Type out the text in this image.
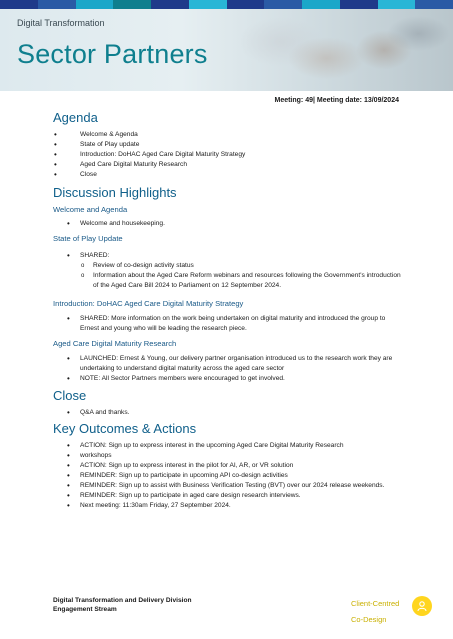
Digital Transformation
Sector Partners
Meeting: 49| Meeting date: 13/09/2024
Agenda
• Welcome & Agenda
• State of Play update
• Introduction: DoHAC Aged Care Digital Maturity Strategy
• Aged Care Digital Maturity Research
• Close
Discussion Highlights
Welcome and Agenda
• Welcome and housekeeping.
State of Play Update
• SHARED:
o Review of co-design activity status
o Information about the Aged Care Reform webinars and resources following the Government's introduction of the Aged Care Bill 2024 to Parliament on 12 September 2024.
Introduction: DoHAC Aged Care Digital Maturity Strategy
• SHARED: More information on the work being undertaken on digital maturity and introduced the group to Ernest and young who will be leading the research piece.
Aged Care Digital Maturity Research
• LAUNCHED: Ernest & Young, our delivery partner organisation introduced us to the research work they are undertaking to understand digital maturity across the aged care sector
• NOTE: All Sector Partners members were encouraged to get involved.
Close
• Q&A and thanks.
Key Outcomes & Actions
• ACTION: Sign up to express interest in the upcoming Aged Care Digital Maturity Research
• workshops
• ACTION: Sign up to express interest in the pilot for AI, AR, or VR solution
• REMINDER: Sign up to participate in upcoming API co-design activities
• REMINDER: Sign up to assist with Business Verification Testing (BVT) over our 2024 release weekends.
• REMINDER: Sign up to participate in aged care design research interviews.
• Next meeting: 11:30am Friday, 27 September 2024.
Digital Transformation and Delivery Division
Engagement Stream
Client-Centred
Co-Design
